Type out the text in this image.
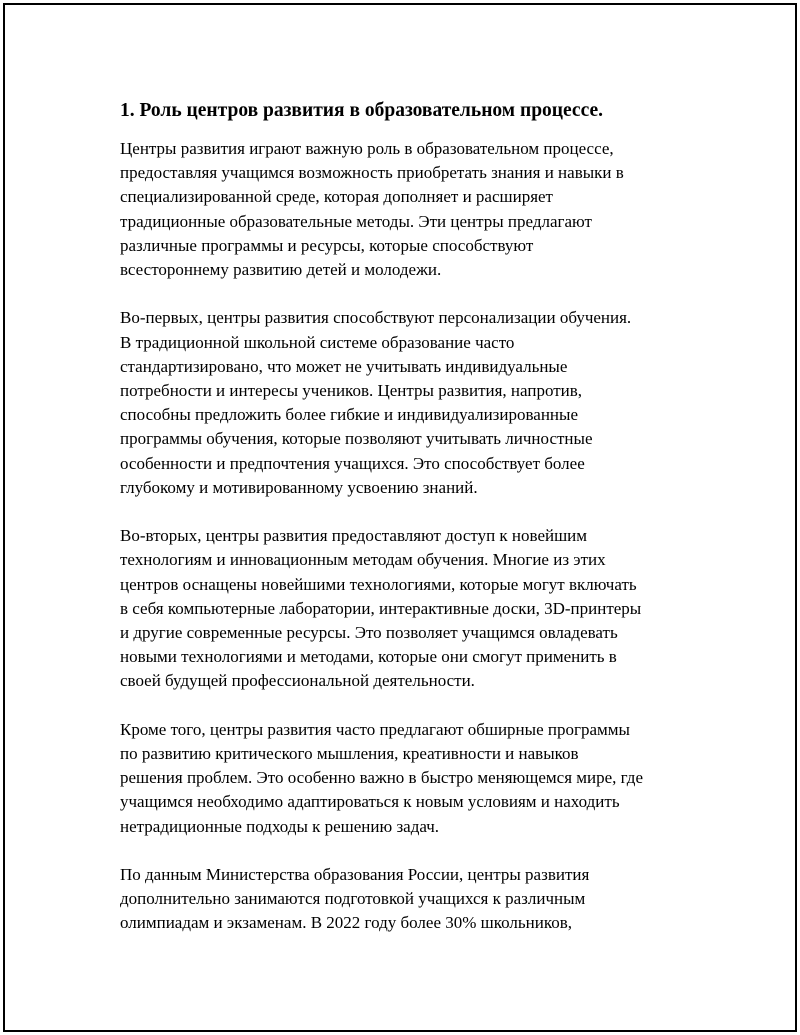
1. Роль центров развития в образовательном процессе.

Центры развития играют важную роль в образовательном процессе,
предоставляя учащимся возможность приобретать знания и навыки в
специализированной среде, которая дополняет и расширяет
традиционные образовательные методы. Эти центры предлагают
различные программы и ресурсы, которые способствуют
всестороннему развитию детей и молодежи.

Во-первых, центры развития способствуют персонализации обучения.
В традиционной школьной системе образование часто
стандартизировано, что может не учитывать индивидуальные
потребности и интересы учеников. Центры развития, напротив,
способны предложить более гибкие и индивидуализированные
программы обучения, которые позволяют учитывать личностные
особенности и предпочтения учащихся. Это способствует более
глубокому и мотивированному усвоению знаний.

Во-вторых, центры развития предоставляют доступ к новейшим
технологиям и инновационным методам обучения. Многие из этих
центров оснащены новейшими технологиями, которые могут включать
в себя компьютерные лаборатории, интерактивные доски, 3D-принтеры
и другие современные ресурсы. Это позволяет учащимся овладевать
новыми технологиями и методами, которые они смогут применить в
своей будущей профессиональной деятельности.

Кроме того, центры развития часто предлагают обширные программы
по развитию критического мышления, креативности и навыков
решения проблем. Это особенно важно в быстро меняющемся мире, где
учащимся необходимо адаптироваться к новым условиям и находить
нетрадиционные подходы к решению задач.

По данным Министерства образования России, центры развития
дополнительно занимаются подготовкой учащихся к различным
олимпиадам и экзаменам. В 2022 году более 30% школьников,
